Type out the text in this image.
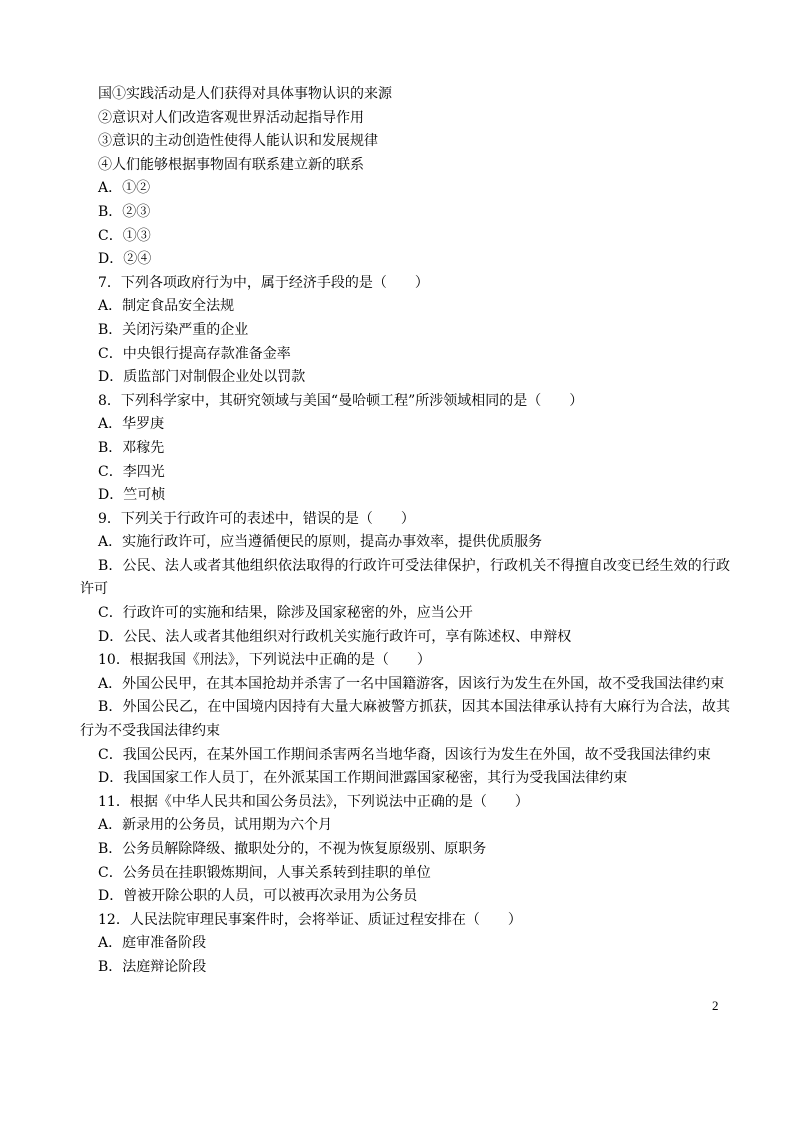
国①实践活动是人们获得对具体事物认识的来源
②意识对人们改造客观世界活动起指导作用
③意识的主动创造性使得人能认识和发展规律
④人们能够根据事物固有联系建立新的联系
A．①②
B．②③
C．①③
D．②④
7．下列各项政府行为中，属于经济手段的是（　　）
A．制定食品安全法规
B．关闭污染严重的企业
C．中央银行提高存款准备金率
D．质监部门对制假企业处以罚款
8．下列科学家中，其研究领域与美国“曼哈顿工程”所涉领域相同的是（　　）
A．华罗庚
B．邓稼先
C．李四光
D．竺可桢
9．下列关于行政许可的表述中，错误的是（　　）
A．实施行政许可，应当遵循便民的原则，提高办事效率，提供优质服务
B．公民、法人或者其他组织依法取得的行政许可受法律保护，行政机关不得擅自改变已经生效的行政许可
C．行政许可的实施和结果，除涉及国家秘密的外，应当公开
D．公民、法人或者其他组织对行政机关实施行政许可，享有陈述权、申辩权
10．根据我国《刑法》，下列说法中正确的是（　　）
A．外国公民甲，在其本国抢劫并杀害了一名中国籍游客，因该行为发生在外国，故不受我国法律约束
B．外国公民乙，在中国境内因持有大量大麻被警方抓获，因其本国法律承认持有大麻行为合法，故其行为不受我国法律约束
C．我国公民丙，在某外国工作期间杀害两名当地华裔，因该行为发生在外国，故不受我国法律约束
D．我国国家工作人员丁，在外派某国工作期间泄露国家秘密，其行为受我国法律约束
11．根据《中华人民共和国公务员法》，下列说法中正确的是（　　）
A．新录用的公务员，试用期为六个月
B．公务员解除降级、撤职处分的，不视为恢复原级别、原职务
C．公务员在挂职锻炼期间，人事关系转到挂职的单位
D．曾被开除公职的人员，可以被再次录用为公务员
12．人民法院审理民事案件时，会将举证、质证过程安排在（　　）
A．庭审准备阶段
B．法庭辩论阶段
2
